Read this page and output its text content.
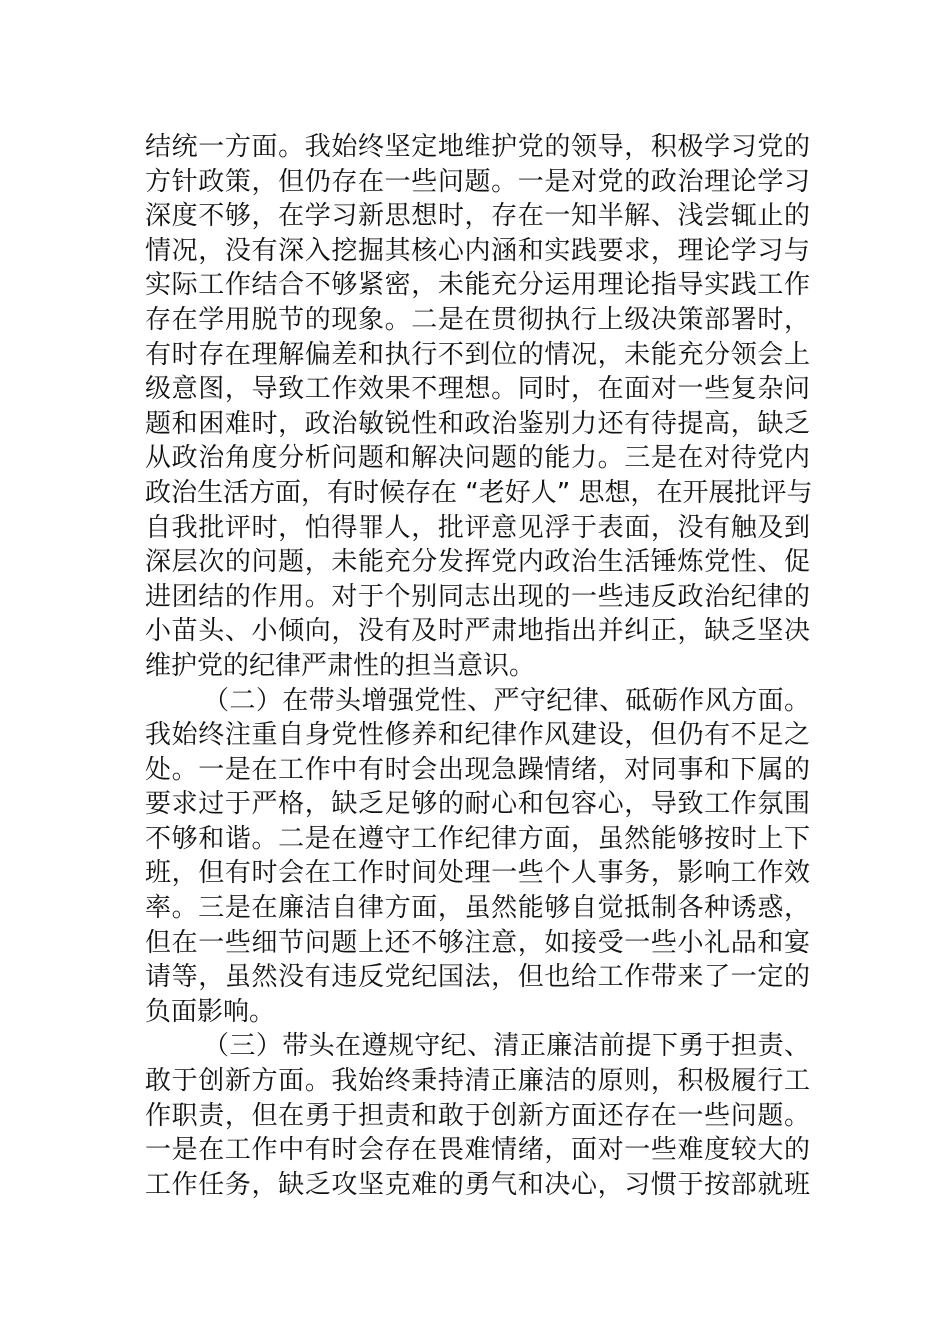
结统一方面。我始终坚定地维护党的领导，积极学习党的
方针政策，但仍存在一些问题。一是对党的政治理论学习
深度不够，在学习新思想时，存在一知半解、浅尝辄止的
情况，没有深入挖掘其核心内涵和实践要求，理论学习与
实际工作结合不够紧密，未能充分运用理论指导实践工作
存在学用脱节的现象。二是在贯彻执行上级决策部署时，
有时存在理解偏差和执行不到位的情况，未能充分领会上
级意图，导致工作效果不理想。同时，在面对一些复杂问
题和困难时，政治敏锐性和政治鉴别力还有待提高，缺乏
从政治角度分析问题和解决问题的能力。三是在对待党内
政治生活方面，有时候存在 “老好人” 思想，在开展批评与
自我批评时，怕得罪人，批评意见浮于表面，没有触及到
深层次的问题，未能充分发挥党内政治生活锤炼党性、促
进团结的作用。对于个别同志出现的一些违反政治纪律的
小苗头、小倾向，没有及时严肃地指出并纠正，缺乏坚决
维护党的纪律严肃性的担当意识。
（二）在带头增强党性、严守纪律、砥砺作风方面。
我始终注重自身党性修养和纪律作风建设，但仍有不足之
处。一是在工作中有时会出现急躁情绪，对同事和下属的
要求过于严格，缺乏足够的耐心和包容心，导致工作氛围
不够和谐。二是在遵守工作纪律方面，虽然能够按时上下
班，但有时会在工作时间处理一些个人事务，影响工作效
率。三是在廉洁自律方面，虽然能够自觉抵制各种诱惑，
但在一些细节问题上还不够注意，如接受一些小礼品和宴
请等，虽然没有违反党纪国法，但也给工作带来了一定的
负面影响。
（三）带头在遵规守纪、清正廉洁前提下勇于担责、
敢于创新方面。我始终秉持清正廉洁的原则，积极履行工
作职责，但在勇于担责和敢于创新方面还存在一些问题。
一是在工作中有时会存在畏难情绪，面对一些难度较大的
工作任务，缺乏攻坚克难的勇气和决心，习惯于按部就班
